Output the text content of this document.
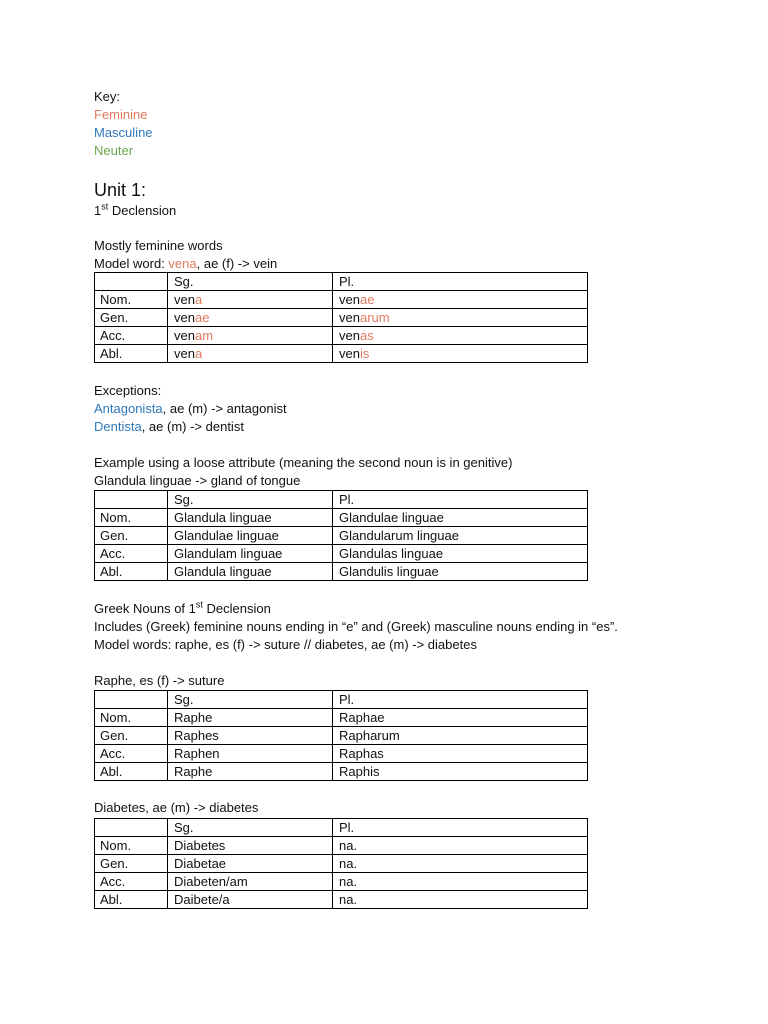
Key:
Feminine
Masculine
Neuter
Unit 1:
1st Declension
Mostly feminine words
Model word: vena, ae (f) -> vein
	Sg.	Pl.
Nom.	vena	venae
Gen.	venae	venarum
Acc.	venam	venas
Abl.	vena	venis
Exceptions:
Antagonista, ae (m) -> antagonist
Dentista, ae (m) -> dentist
Example using a loose attribute (meaning the second noun is in genitive)
Glandula linguae -> gland of tongue
	Sg.	Pl.
Nom.	Glandula linguae	Glandulae linguae
Gen.	Glandulae linguae	Glandularum linguae
Acc.	Glandulam linguae	Glandulas linguae
Abl.	Glandula linguae	Glandulis linguae
Greek Nouns of 1st Declension
Includes (Greek) feminine nouns ending in “e” and (Greek) masculine nouns ending in “es”.
Model words: raphe, es (f) -> suture // diabetes, ae (m) -> diabetes
Raphe, es (f) -> suture
	Sg.	Pl.
Nom.	Raphe	Raphae
Gen.	Raphes	Rapharum
Acc.	Raphen	Raphas
Abl.	Raphe	Raphis
Diabetes, ae (m) -> diabetes
	Sg.	Pl.
Nom.	Diabetes	na.
Gen.	Diabetae	na.
Acc.	Diabeten/am	na.
Abl.	Daibete/a	na.
